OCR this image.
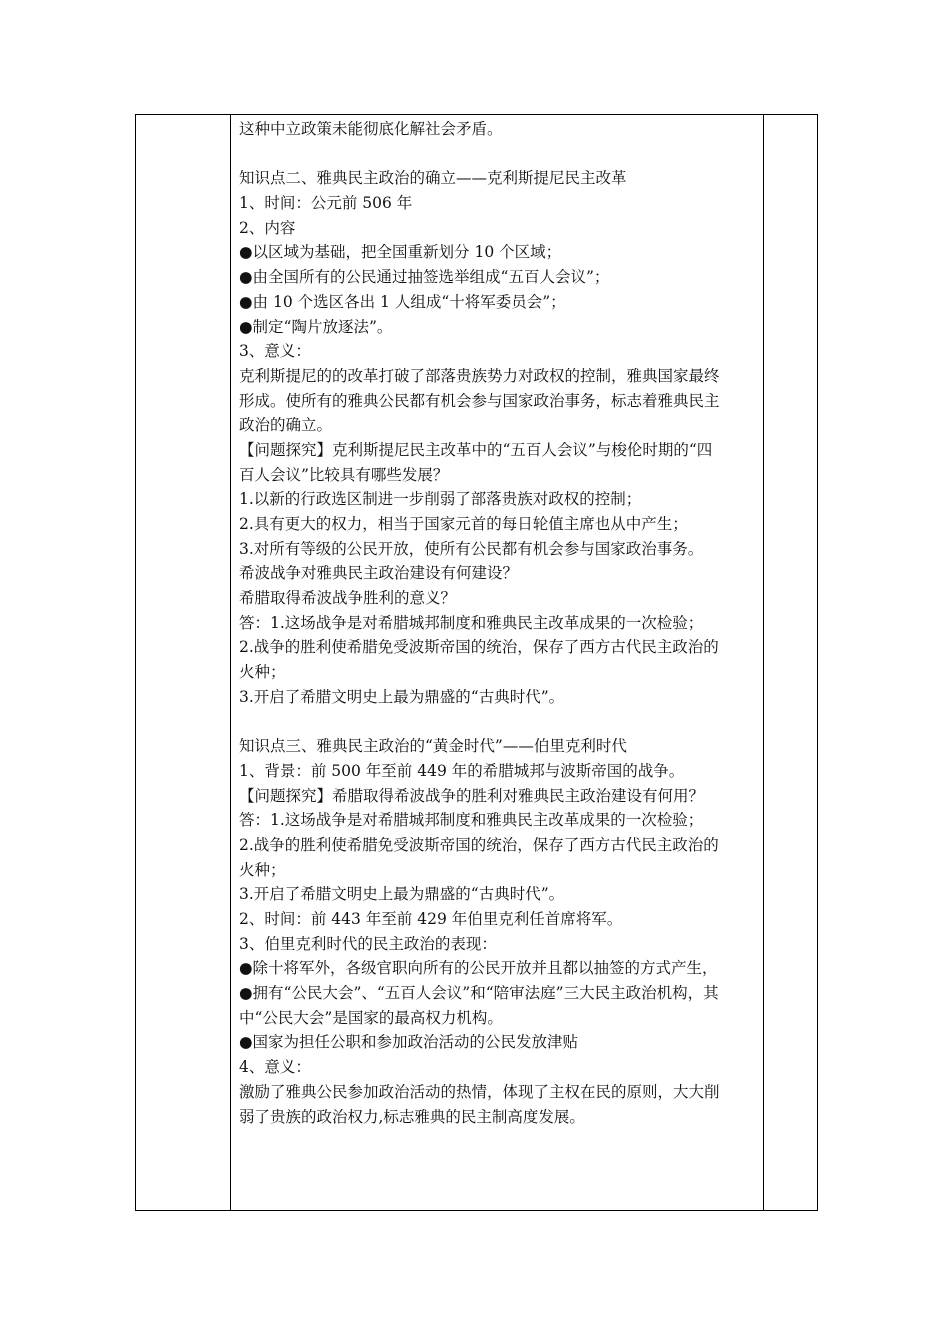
这种中立政策未能彻底化解社会矛盾。
知识点二、雅典民主政治的确立——克利斯提尼民主改革
1、时间：公元前 506 年
2、内容
●以区域为基础，把全国重新划分 10 个区域；
●由全国所有的公民通过抽签选举组成“五百人会议”；
●由 10 个选区各出 1 人组成“十将军委员会”；
●制定“陶片放逐法”。
3、意义：
克利斯提尼的的改革打破了部落贵族势力对政权的控制，雅典国家最终
形成。使所有的雅典公民都有机会参与国家政治事务，标志着雅典民主
政治的确立。
【问题探究】克利斯提尼民主改革中的“五百人会议”与梭伦时期的“四
百人会议”比较具有哪些发展？
1.以新的行政选区制进一步削弱了部落贵族对政权的控制；
2.具有更大的权力，相当于国家元首的每日轮值主席也从中产生；
3.对所有等级的公民开放，使所有公民都有机会参与国家政治事务。
希波战争对雅典民主政治建设有何建设？
希腊取得希波战争胜利的意义？
答：1.这场战争是对希腊城邦制度和雅典民主改革成果的一次检验；
2.战争的胜利使希腊免受波斯帝国的统治，保存了西方古代民主政治的
火种；
3.开启了希腊文明史上最为鼎盛的“古典时代”。
知识点三、雅典民主政治的“黄金时代”——伯里克利时代
1、背景：前 500 年至前 449 年的希腊城邦与波斯帝国的战争。
【问题探究】希腊取得希波战争的胜利对雅典民主政治建设有何用？
答：1.这场战争是对希腊城邦制度和雅典民主改革成果的一次检验；
2.战争的胜利使希腊免受波斯帝国的统治，保存了西方古代民主政治的
火种；
3.开启了希腊文明史上最为鼎盛的“古典时代”。
2、时间：前 443 年至前 429 年伯里克利任首席将军。
3、伯里克利时代的民主政治的表现：
●除十将军外，各级官职向所有的公民开放并且都以抽签的方式产生，
●拥有“公民大会”、“五百人会议”和“陪审法庭”三大民主政治机构，其
中“公民大会”是国家的最高权力机构。
●国家为担任公职和参加政治活动的公民发放津贴
4、意义：
激励了雅典公民参加政治活动的热情，体现了主权在民的原则，大大削
弱了贵族的政治权力,标志雅典的民主制高度发展。
